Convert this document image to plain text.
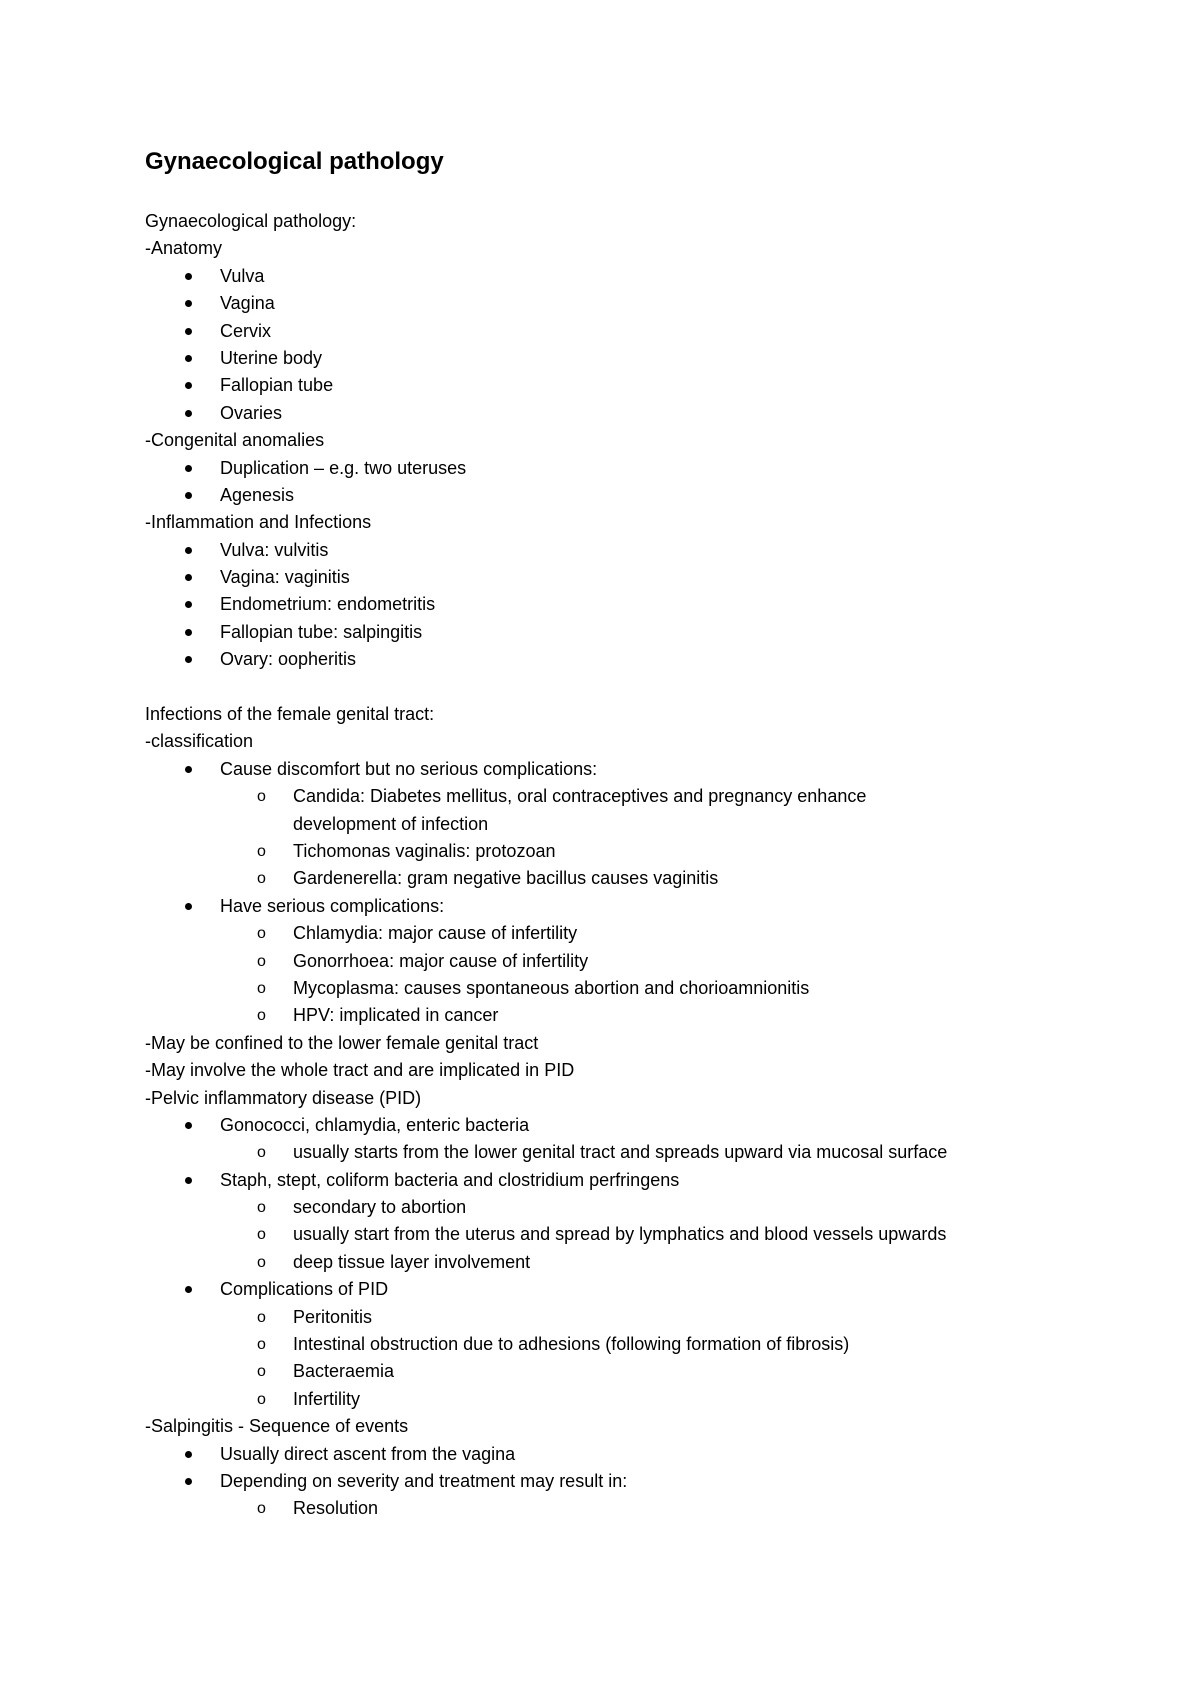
Gynaecological pathology
Gynaecological pathology:
-Anatomy
Vulva
Vagina
Cervix
Uterine body
Fallopian tube
Ovaries
-Congenital anomalies
Duplication – e.g. two uteruses
Agenesis
-Inflammation and Infections
Vulva: vulvitis
Vagina: vaginitis
Endometrium: endometritis
Fallopian tube: salpingitis
Ovary: oopheritis
Infections of the female genital tract:
-classification
Cause discomfort but no serious complications:
o Candida: Diabetes mellitus, oral contraceptives and pregnancy enhance
development of infection
o Tichomonas vaginalis: protozoan
o Gardenerella: gram negative bacillus causes vaginitis
Have serious complications:
o Chlamydia: major cause of infertility
o Gonorrhoea: major cause of infertility
o Mycoplasma: causes spontaneous abortion and chorioamnionitis
o HPV: implicated in cancer
-May be confined to the lower female genital tract
-May involve the whole tract and are implicated in PID
-Pelvic inflammatory disease (PID)
Gonococci, chlamydia, enteric bacteria
o usually starts from the lower genital tract and spreads upward via mucosal surface
Staph, stept, coliform bacteria and clostridium perfringens
o secondary to abortion
o usually start from the uterus and spread by lymphatics and blood vessels upwards
o deep tissue layer involvement
Complications of PID
o Peritonitis
o Intestinal obstruction due to adhesions (following formation of fibrosis)
o Bacteraemia
o Infertility
-Salpingitis - Sequence of events
Usually direct ascent from the vagina
Depending on severity and treatment may result in:
o Resolution
